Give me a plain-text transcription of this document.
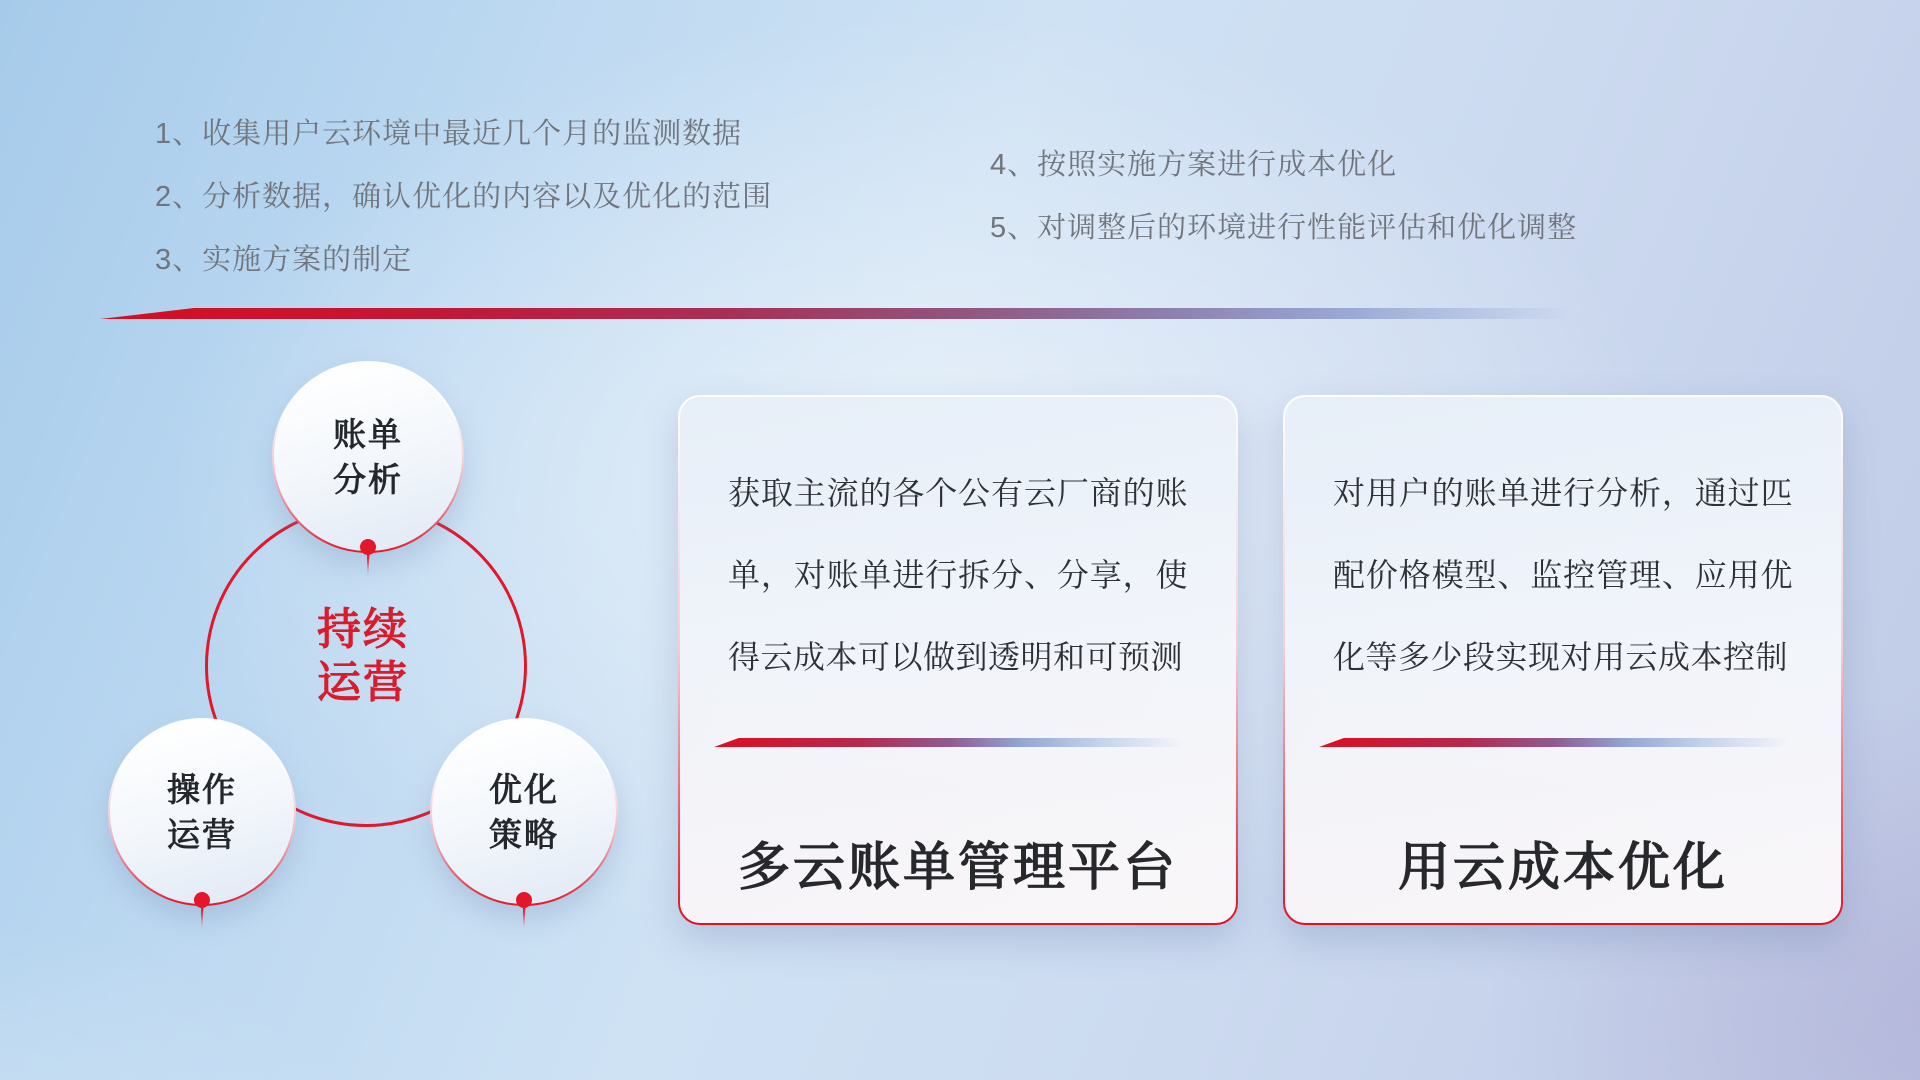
1、收集用户云环境中最近几个月的监测数据
2、分析数据，确认优化的内容以及优化的范围
3、实施方案的制定
4、按照实施方案进行成本优化
5、对调整后的环境进行性能评估和优化调整
持续
运营
账单
分析
操作
运营
优化
策略

获取主流的各个公有云厂商的账单，对账单进行拆分、分享，使得云成本可以做到透明和可预测

多云账单管理平台

对用户的账单进行分析，通过匹配价格模型、监控管理、应用优化等多少段实现对用云成本控制

用云成本优化
